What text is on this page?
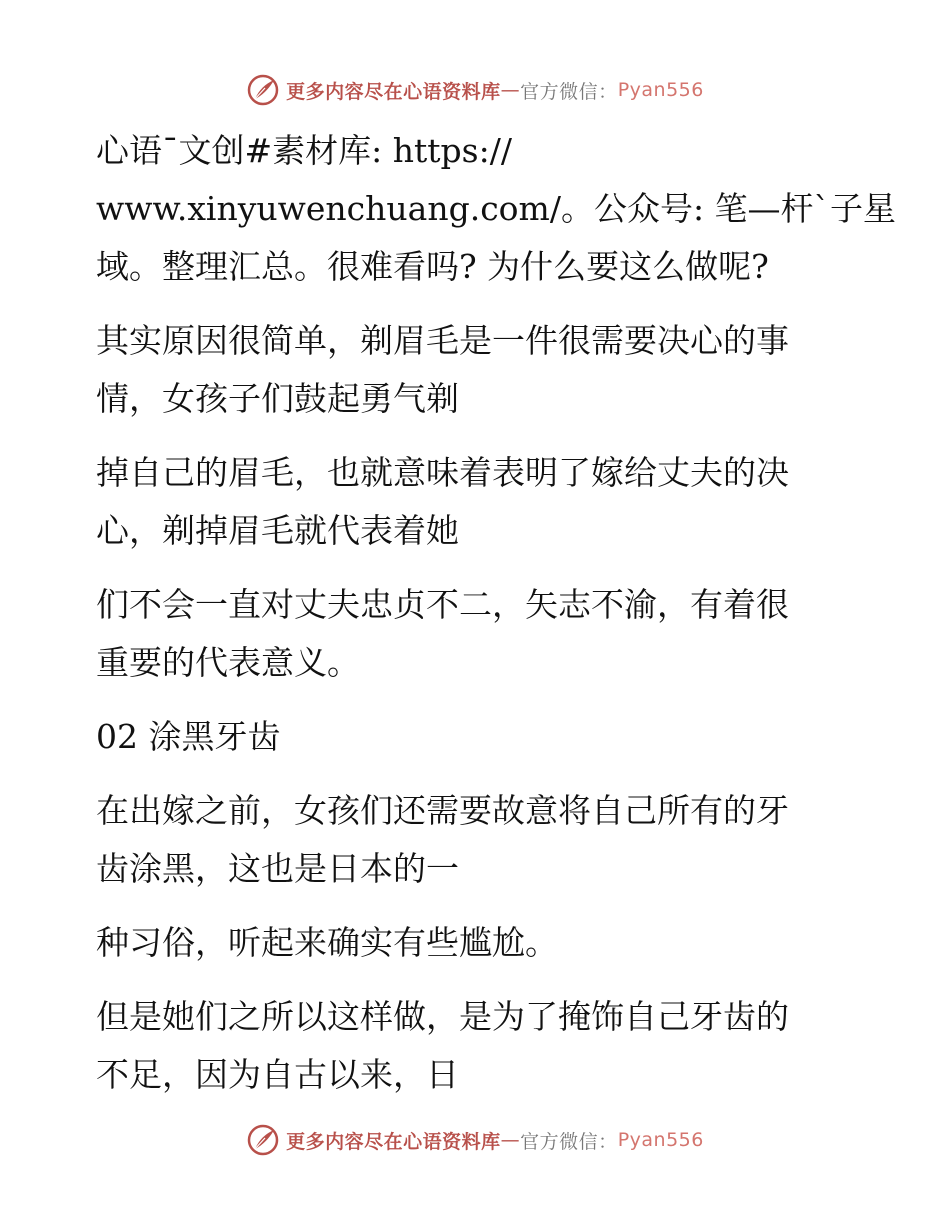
更多内容尽在心语资料库 — 官方微信： Pyan556

心语¯文创#素材库: https://
www.xinyuwenchuang.com/。公众号: 笔—杆`子星
域。整理汇总。很难看吗? 为什么要这么做呢?

其实原因很简单，剃眉毛是一件很需要决心的事
情，女孩子们鼓起勇气剃

掉自己的眉毛，也就意味着表明了嫁给丈夫的决
心，剃掉眉毛就代表着她

们不会一直对丈夫忠贞不二，矢志不渝，有着很
重要的代表意义。

02 涂黑牙齿

在出嫁之前，女孩们还需要故意将自己所有的牙
齿涂黑，这也是日本的一

种习俗，听起来确实有些尴尬。

但是她们之所以这样做，是为了掩饰自己牙齿的
不足，因为自古以来，日

更多内容尽在心语资料库 — 官方微信： Pyan556
